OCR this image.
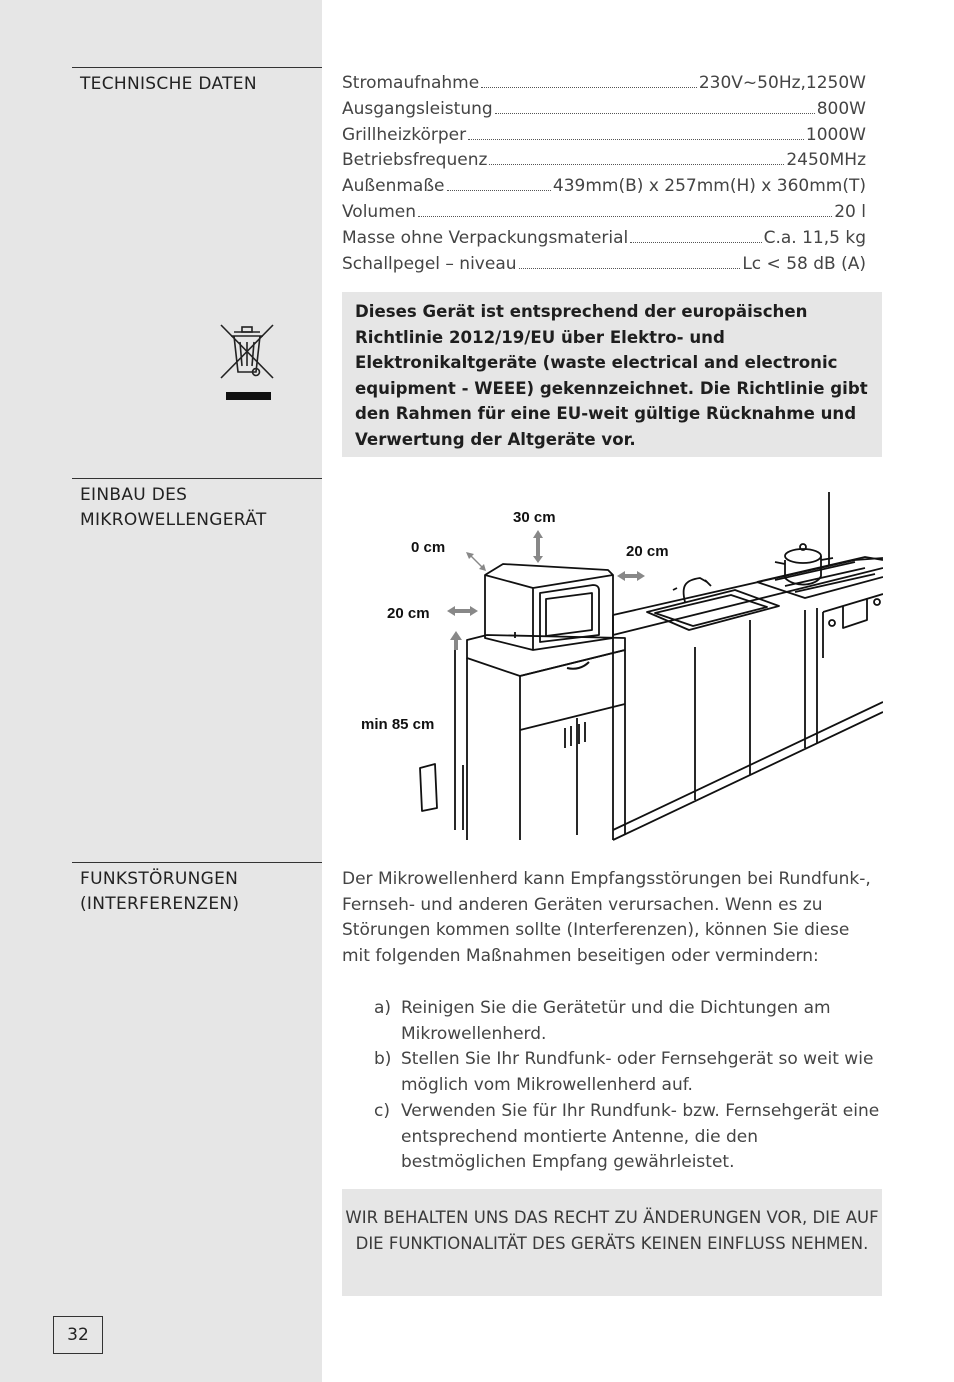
TECHNISCHE DATEN	Stromaufnahme	230V~50Hz,1250W
Ausgangsleistung	800W
Grillheizkörper	1000W
Betriebsfrequenz	2450MHz
Außenmaße	439mm(B) x 257mm(H) x 360mm(T)
Volumen	20 l
Masse ohne Verpackungsmaterial	C.a. 11,5 kg
Schallpegel – niveau	Lc < 58 dB (A)
Dieses Gerät ist entsprechend der europäischen Richtlinie 2012/19/EU über Elektro- und Elektronikaltgeräte (waste electrical and electronic equipment - WEEE) gekennzeichnet. Die Richtlinie gibt den Rahmen für eine EU-weit gültige Rücknahme und Verwertung der Altgeräte vor.
EINBAU DES
MIKROWELLENGERÄT	30 cm
0 cm	20 cm
20 cm
min 85 cm
FUNKSTÖRUNGEN
(INTERFERENZEN)
Der Mikrowellenherd kann Empfangsstörungen bei Rundfunk-, Fernseh- und anderen Geräten verursachen. Wenn es zu Störungen kommen sollte (Interferenzen), können Sie diese mit folgenden Maßnahmen beseitigen oder vermindern:
a) Reinigen Sie die Gerätetür und die Dichtungen am Mikrowellenherd.
b) Stellen Sie Ihr Rundfunk- oder Fernsehgerät so weit wie möglich vom Mikrowellenherd auf.
c) Verwenden Sie für Ihr Rundfunk- bzw. Fernsehgerät eine entsprechend montierte Antenne, die den bestmöglichen Empfang gewährleistet.
WIR BEHALTEN UNS DAS RECHT ZU ÄNDERUNGEN VOR, DIE AUF DIE FUNKTIONALITÄT DES GERÄTS KEINEN EINFLUSS NEHMEN.
32
